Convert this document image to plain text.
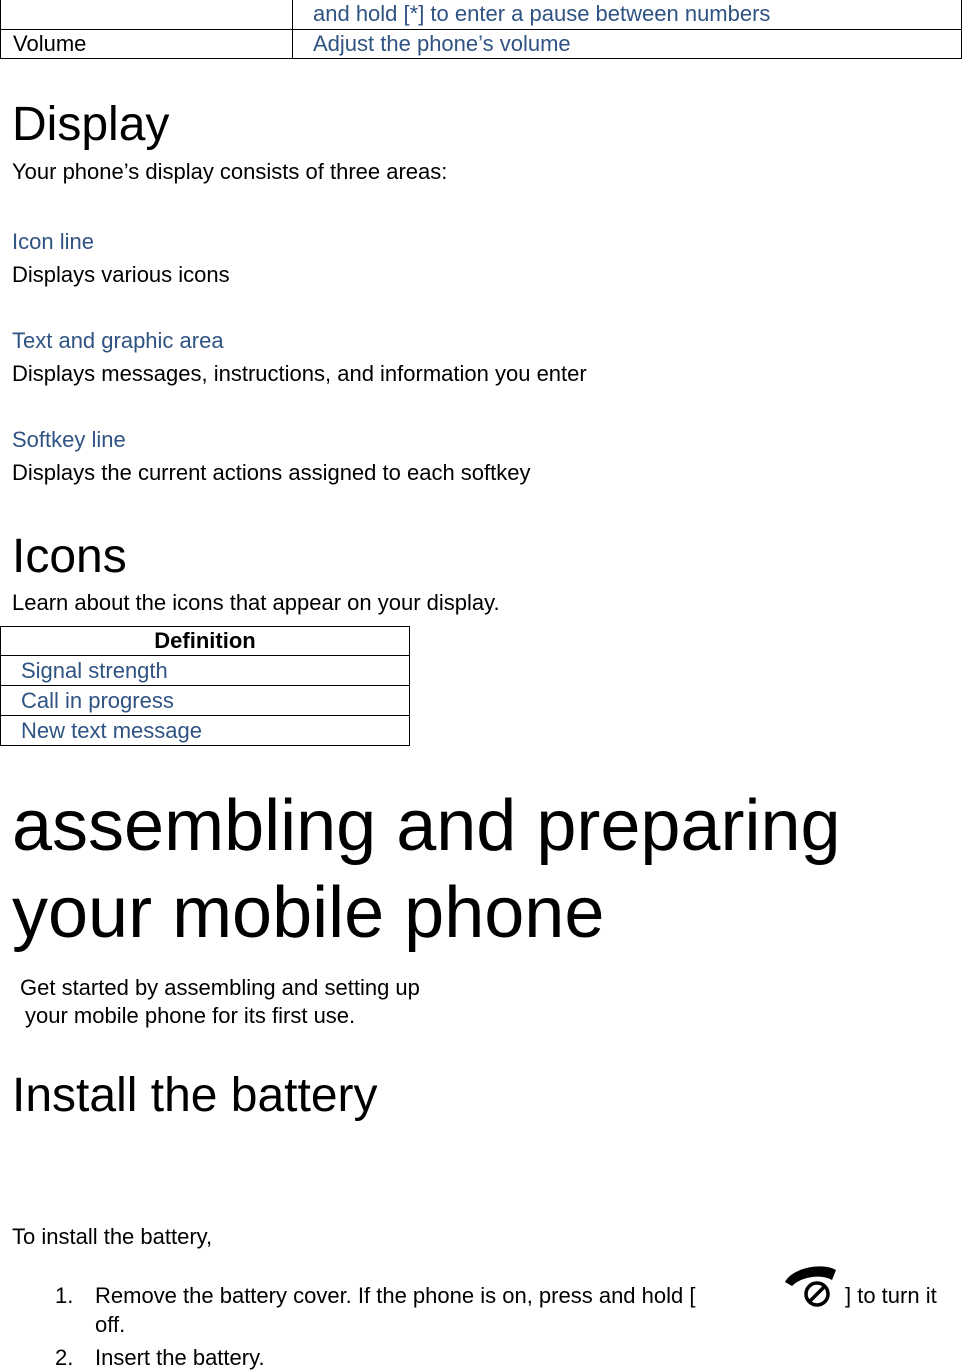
and hold [*] to enter a pause between numbers
Volume	Adjust the phone’s volume
Display
Your phone’s display consists of three areas:
Icon line
Displays various icons
Text and graphic area
Displays messages, instructions, and information you enter
Softkey line
Displays the current actions assigned to each softkey
Icons
Learn about the icons that appear on your display.
Definition
Signal strength
Call in progress
New text message
assembling and preparing
your mobile phone
Get started by assembling and setting up
your mobile phone for its first use.
Install the battery
To install the battery,
1. Remove the battery cover. If the phone is on, press and hold [	] to turn it
off.
2. Insert the battery.
